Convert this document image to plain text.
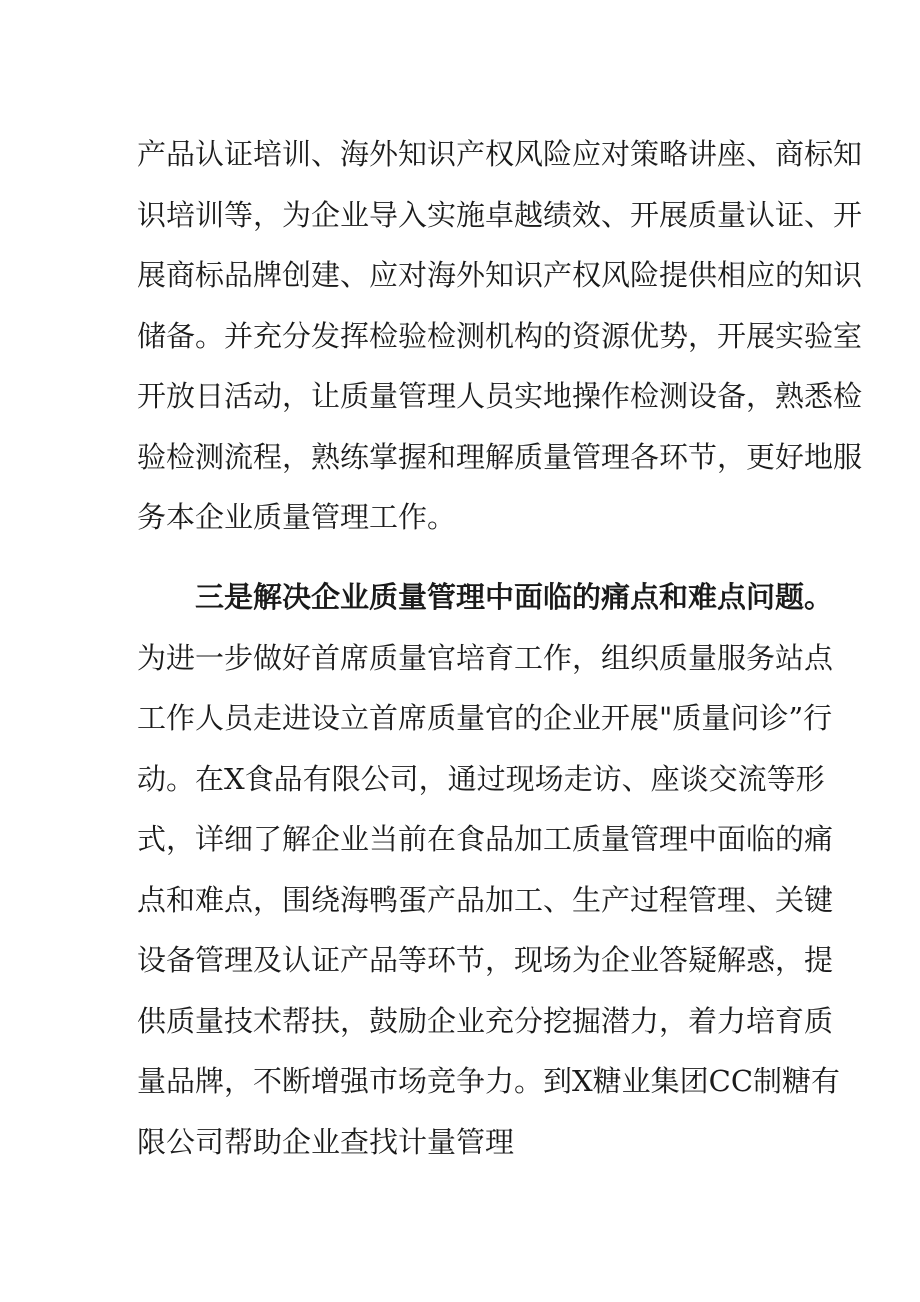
产品认证培训、海外知识产权风险应对策略讲座、商标知
识培训等，为企业导入实施卓越绩效、开展质量认证、开
展商标品牌创建、应对海外知识产权风险提供相应的知识
储备。并充分发挥检验检测机构的资源优势，开展实验室
开放日活动，让质量管理人员实地操作检测设备，熟悉检
验检测流程，熟练掌握和理解质量管理各环节，更好地服
务本企业质量管理工作。
三是解决企业质量管理中面临的痛点和难点问题。
为进一步做好首席质量官培育工作，组织质量服务站点
工作人员走进设立首席质量官的企业开展"质量问诊”行
动。在X食品有限公司，通过现场走访、座谈交流等形
式，详细了解企业当前在食品加工质量管理中面临的痛
点和难点，围绕海鸭蛋产品加工、生产过程管理、关键
设备管理及认证产品等环节，现场为企业答疑解惑，提
供质量技术帮扶，鼓励企业充分挖掘潜力，着力培育质
量品牌，不断增强市场竞争力。到X糖业集团CC制糖有
限公司帮助企业查找计量管理
